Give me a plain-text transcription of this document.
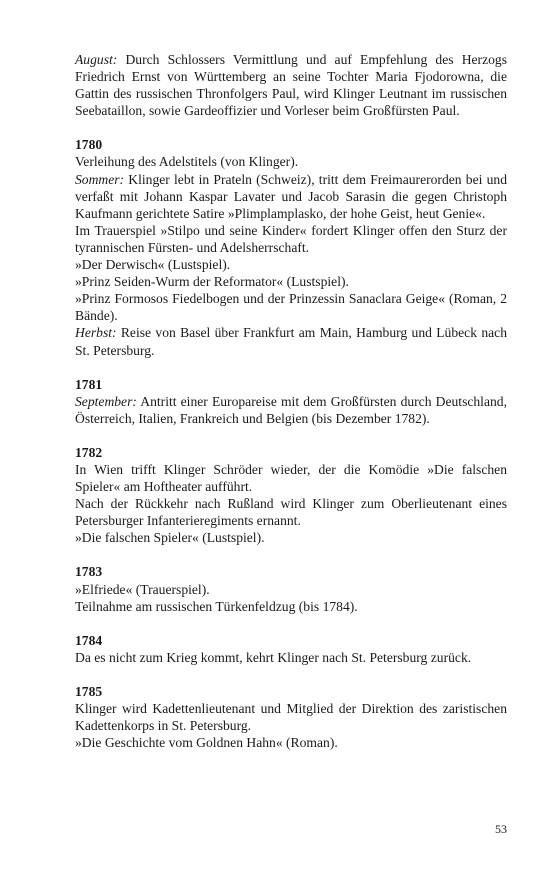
August: Durch Schlossers Vermittlung und auf Empfehlung des Herzogs Friedrich Ernst von Württemberg an seine Tochter Maria Fjodorowna, die Gattin des russischen Thronfolgers Paul, wird Klinger Leutnant im russischen Seebataillon, sowie Gardeoffizier und Vorleser beim Großfürsten Paul.
1780
Verleihung des Adelstitels (von Klinger).
Sommer: Klinger lebt in Prateln (Schweiz), tritt dem Freimaurerorden bei und verfaßt mit Johann Kaspar Lavater und Jacob Sarasin die gegen Christoph Kaufmann gerichtete Satire »Plimplamplasko, der hohe Geist, heut Genie«.
Im Trauerspiel »Stilpo und seine Kinder« fordert Klinger offen den Sturz der tyrannischen Fürsten- und Adelsherrschaft.
»Der Derwisch« (Lustspiel).
»Prinz Seiden-Wurm der Reformator« (Lustspiel).
»Prinz Formosos Fiedelbogen und der Prinzessin Sanaclara Geige« (Roman, 2 Bände).
Herbst: Reise von Basel über Frankfurt am Main, Hamburg und Lübeck nach St. Petersburg.
1781
September: Antritt einer Europareise mit dem Großfürsten durch Deutschland, Österreich, Italien, Frankreich und Belgien (bis Dezember 1782).
1782
In Wien trifft Klinger Schröder wieder, der die Komödie »Die falschen Spieler« am Hoftheater aufführt.
Nach der Rückkehr nach Rußland wird Klinger zum Oberlieutenant eines Petersburger Infanterieregiments ernannt.
»Die falschen Spieler« (Lustspiel).
1783
»Elfriede« (Trauerspiel).
Teilnahme am russischen Türkenfeldzug (bis 1784).
1784
Da es nicht zum Krieg kommt, kehrt Klinger nach St. Petersburg zurück.
1785
Klinger wird Kadettenlieutenant und Mitglied der Direktion des zaristischen Kadettenkorps in St. Petersburg.
»Die Geschichte vom Goldnen Hahn« (Roman).
53
